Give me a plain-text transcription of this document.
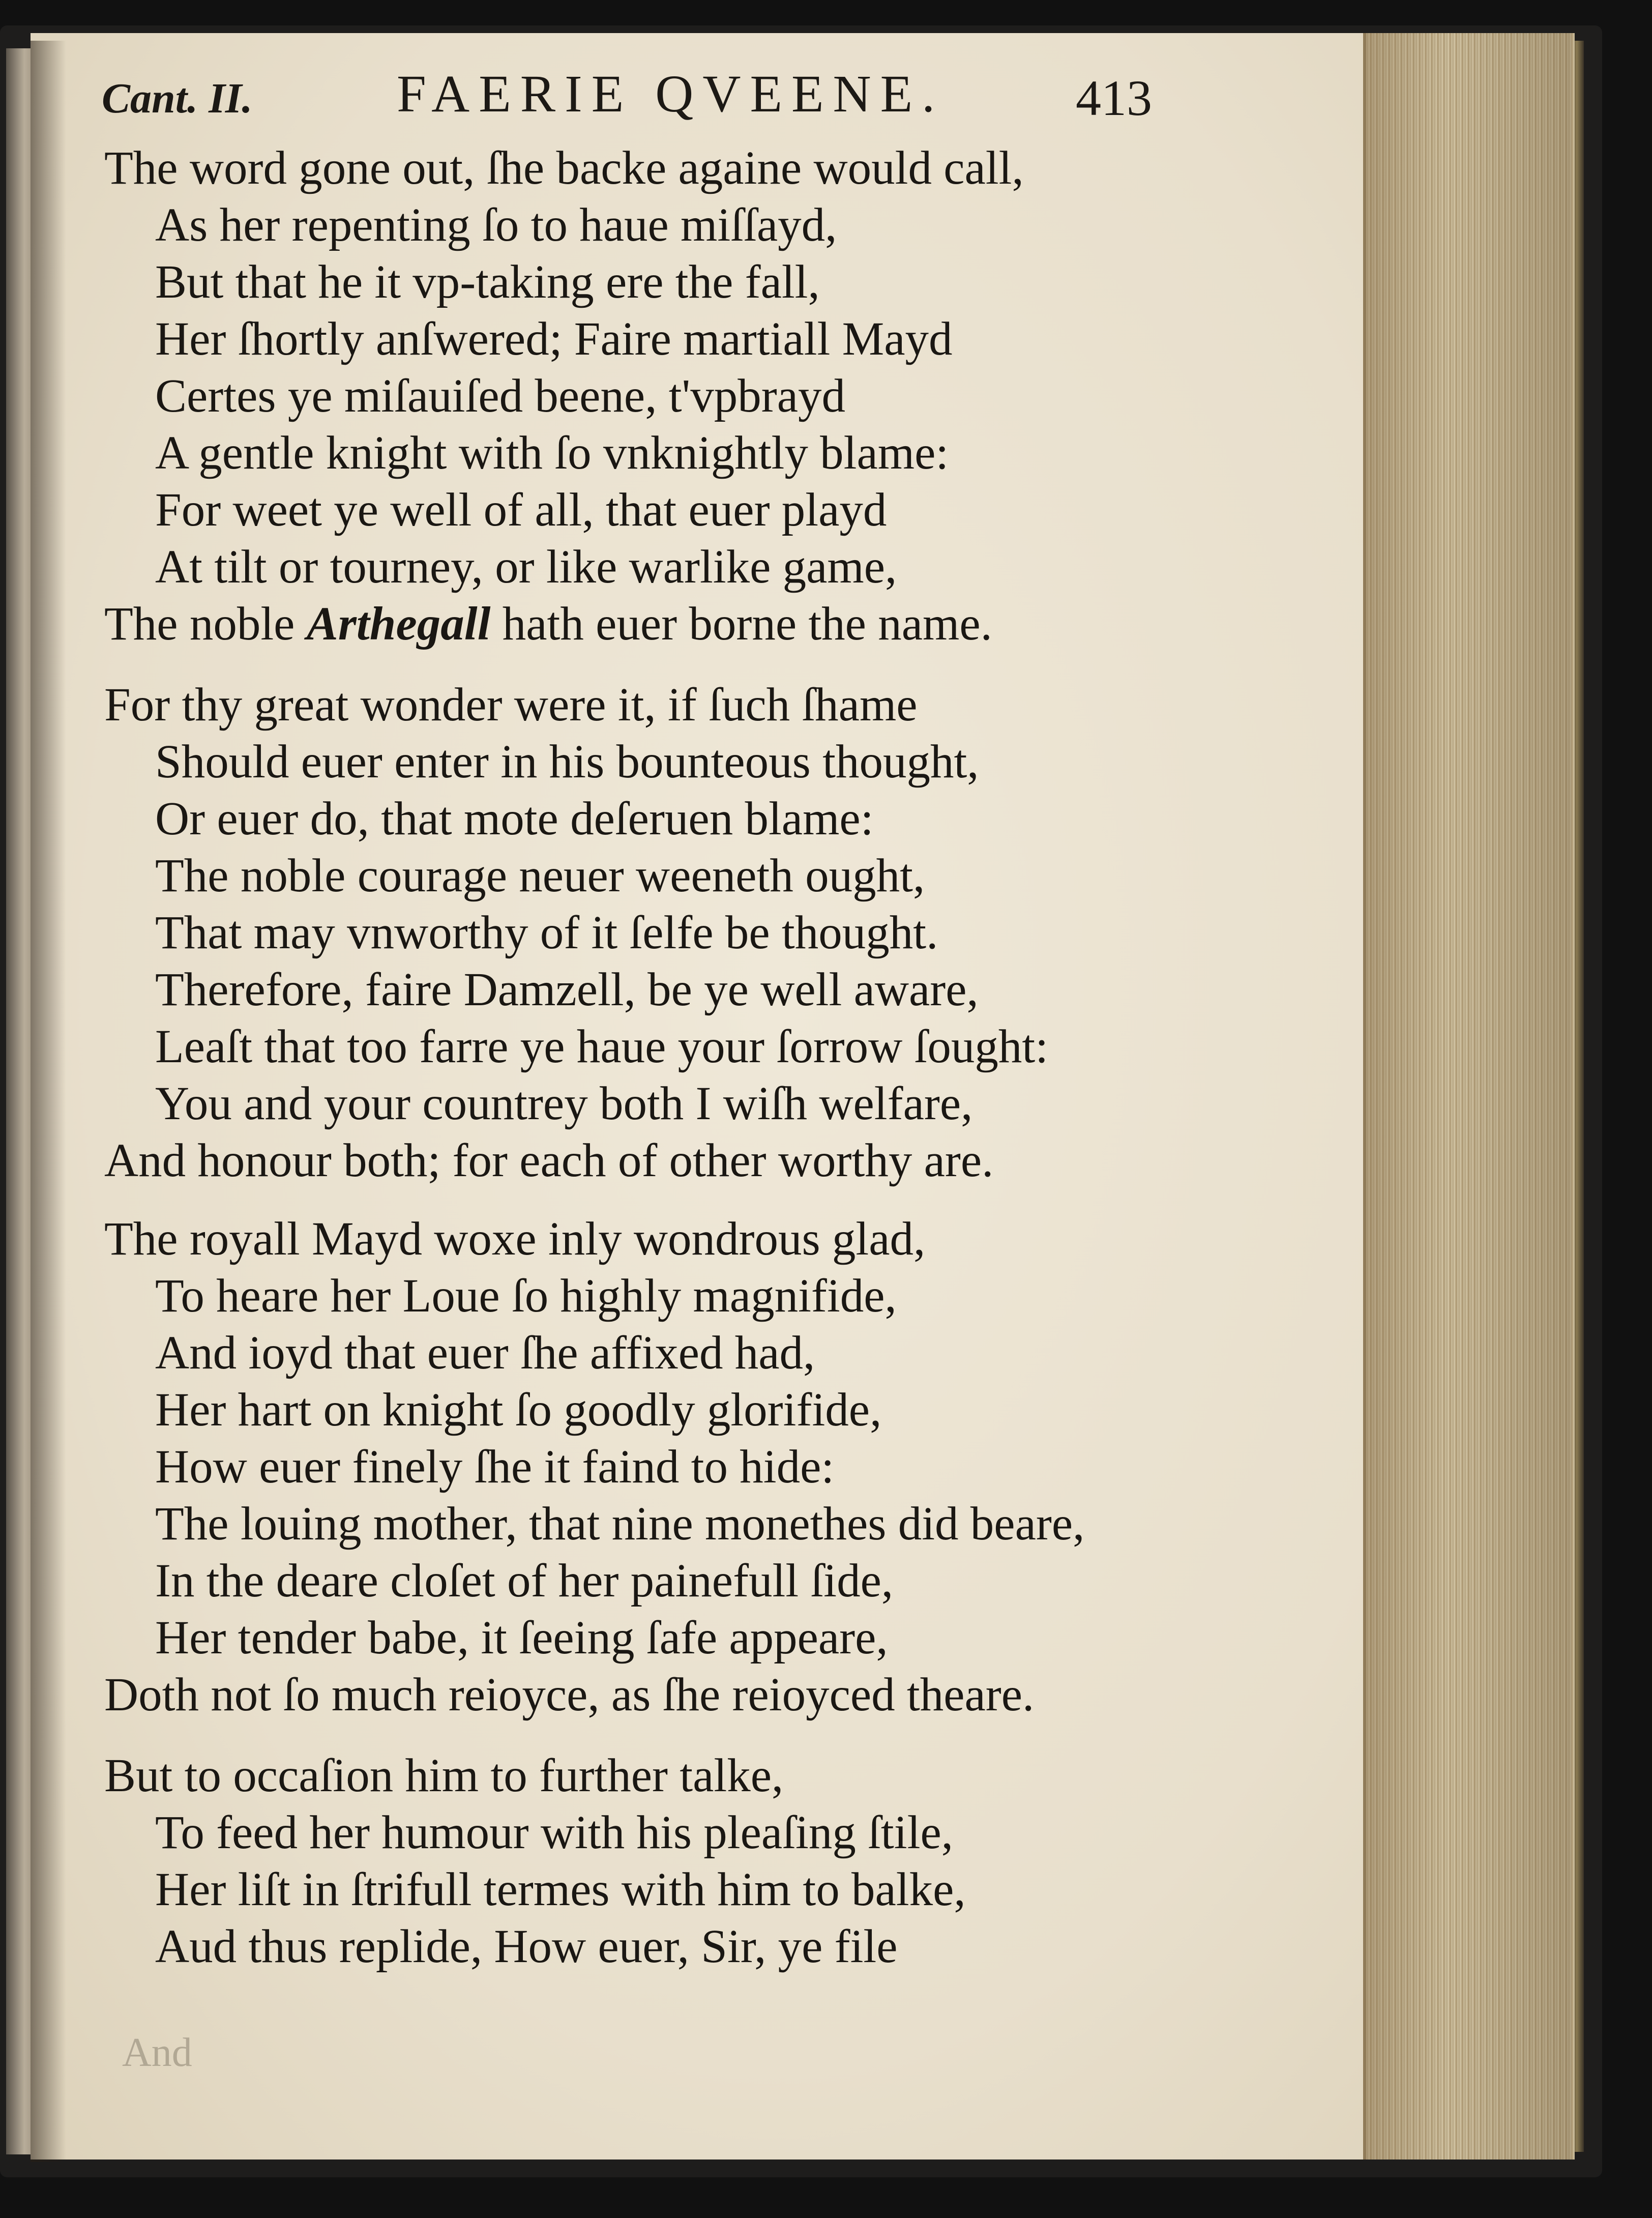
Cant. II.	FAERIE QVEENE.	413
The word gone out, ſhe backe againe would call,
As her repenting ſo to haue miſſayd,
But that he it vp-taking ere the fall,
Her ſhortly anſwered; Faire martiall Mayd
Certes ye miſauiſed beene, t'vpbrayd
A gentle knight with ſo vnknightly blame:
For weet ye well of all, that euer playd
At tilt or tourney, or like warlike game,
The noble Arthegall hath euer borne the name.
For thy great wonder were it, if ſuch ſhame
Should euer enter in his bounteous thought,
Or euer do, that mote deſeruen blame:
The noble courage neuer weeneth ought,
That may vnworthy of it ſelfe be thought.
Therefore, faire Damzell, be ye well aware,
Leaſt that too farre ye haue your ſorrow ſought:
You and your countrey both I wiſh welfare,
And honour both; for each of other worthy are.
The royall Mayd woxe inly wondrous glad,
To heare her Loue ſo highly magnifide,
And ioyd that euer ſhe affixed had,
Her hart on knight ſo goodly glorifide,
How euer finely ſhe it faind to hide:
The louing mother, that nine monethes did beare,
In the deare cloſet of her painefull ſide,
Her tender babe, it ſeeing ſafe appeare,
Doth not ſo much reioyce, as ſhe reioyced theare.
But to occaſion him to further talke,
To feed her humour with his pleaſing ſtile,
Her liſt in ſtrifull termes with him to balke,
Aud thus replide, How euer, Sir, ye file
And
